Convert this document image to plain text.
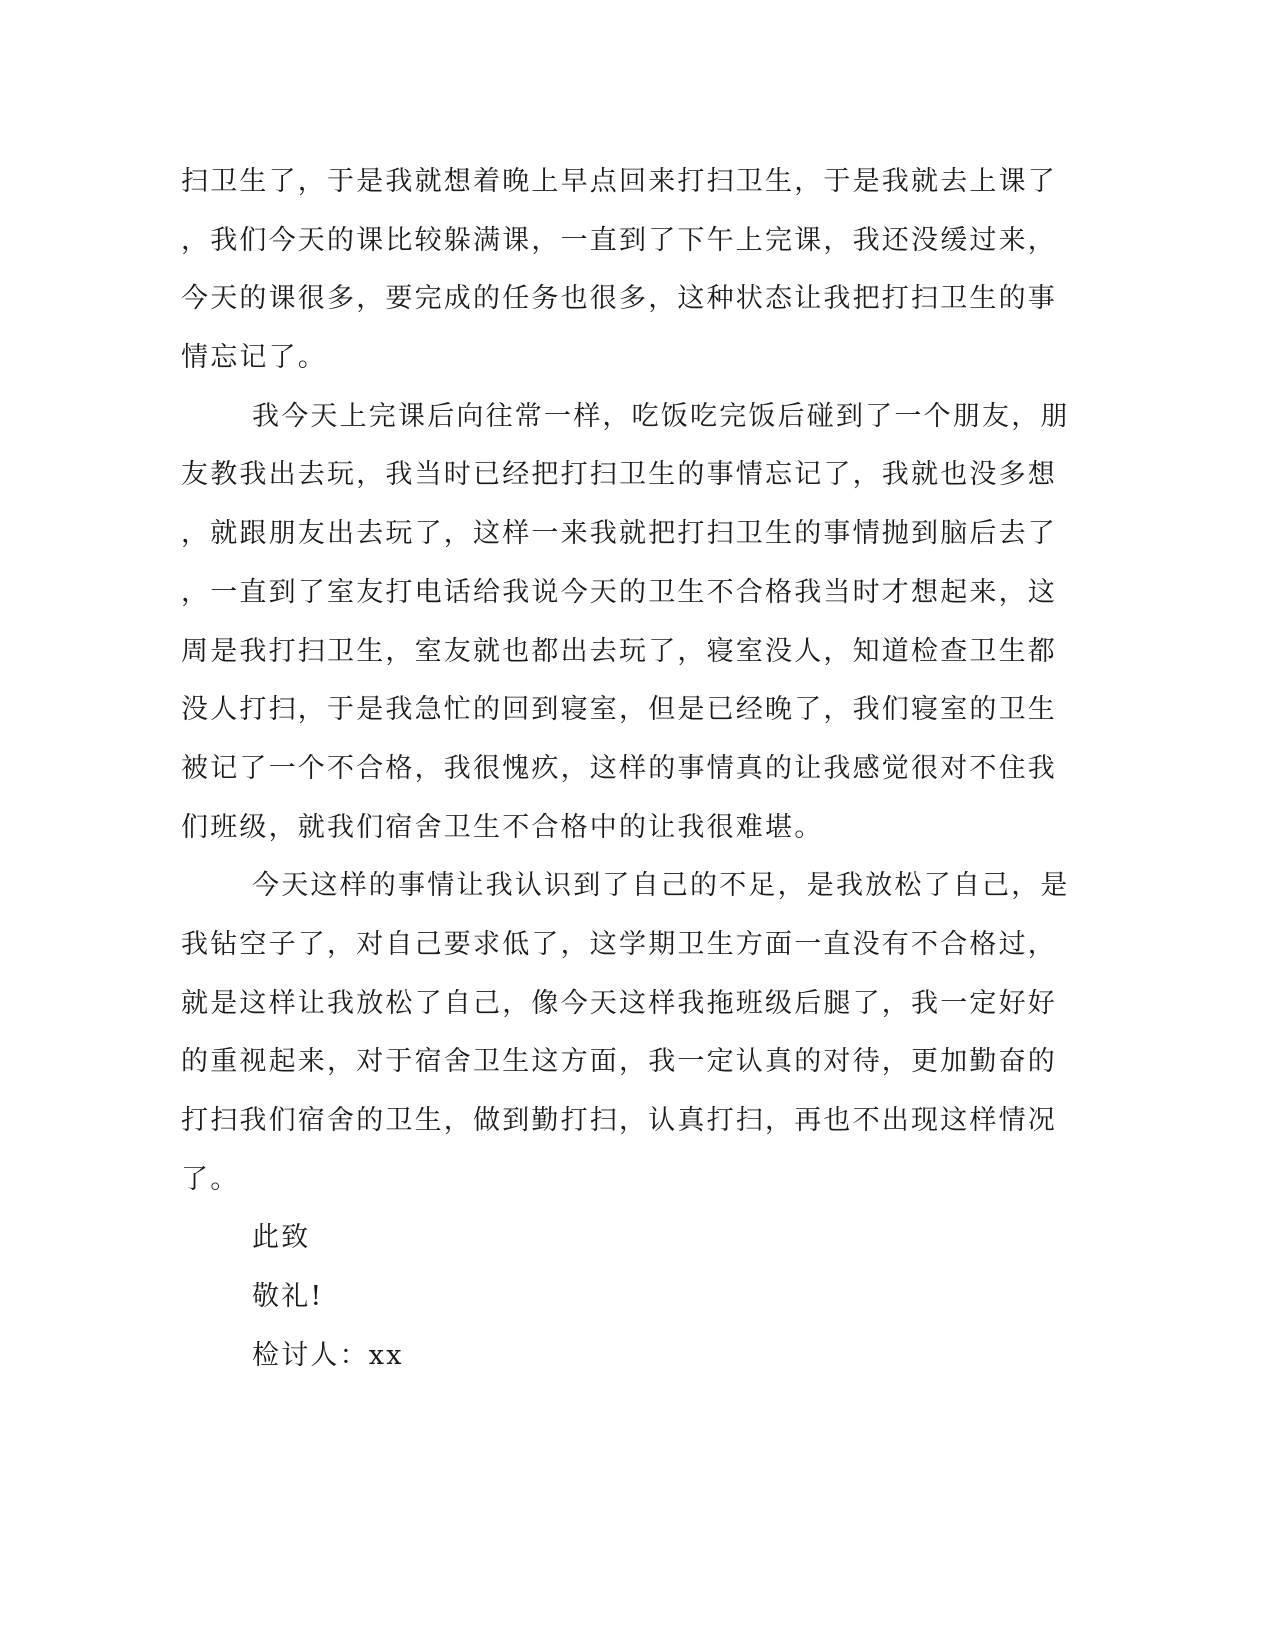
扫卫生了，于是我就想着晚上早点回来打扫卫生，于是我就去上课了
，我们今天的课比较躲满课，一直到了下午上完课，我还没缓过来，
今天的课很多，要完成的任务也很多，这种状态让我把打扫卫生的事
情忘记了。
我今天上完课后向往常一样，吃饭吃完饭后碰到了一个朋友，朋
友教我出去玩，我当时已经把打扫卫生的事情忘记了，我就也没多想
，就跟朋友出去玩了，这样一来我就把打扫卫生的事情抛到脑后去了
，一直到了室友打电话给我说今天的卫生不合格我当时才想起来，这
周是我打扫卫生，室友就也都出去玩了，寝室没人，知道检查卫生都
没人打扫，于是我急忙的回到寝室，但是已经晚了，我们寝室的卫生
被记了一个不合格，我很愧疚，这样的事情真的让我感觉很对不住我
们班级，就我们宿舍卫生不合格中的让我很难堪。
今天这样的事情让我认识到了自己的不足，是我放松了自己，是
我钻空子了，对自己要求低了，这学期卫生方面一直没有不合格过，
就是这样让我放松了自己，像今天这样我拖班级后腿了，我一定好好
的重视起来，对于宿舍卫生这方面，我一定认真的对待，更加勤奋的
打扫我们宿舍的卫生，做到勤打扫，认真打扫，再也不出现这样情况
了。
此致
敬礼!
检讨人：xx
